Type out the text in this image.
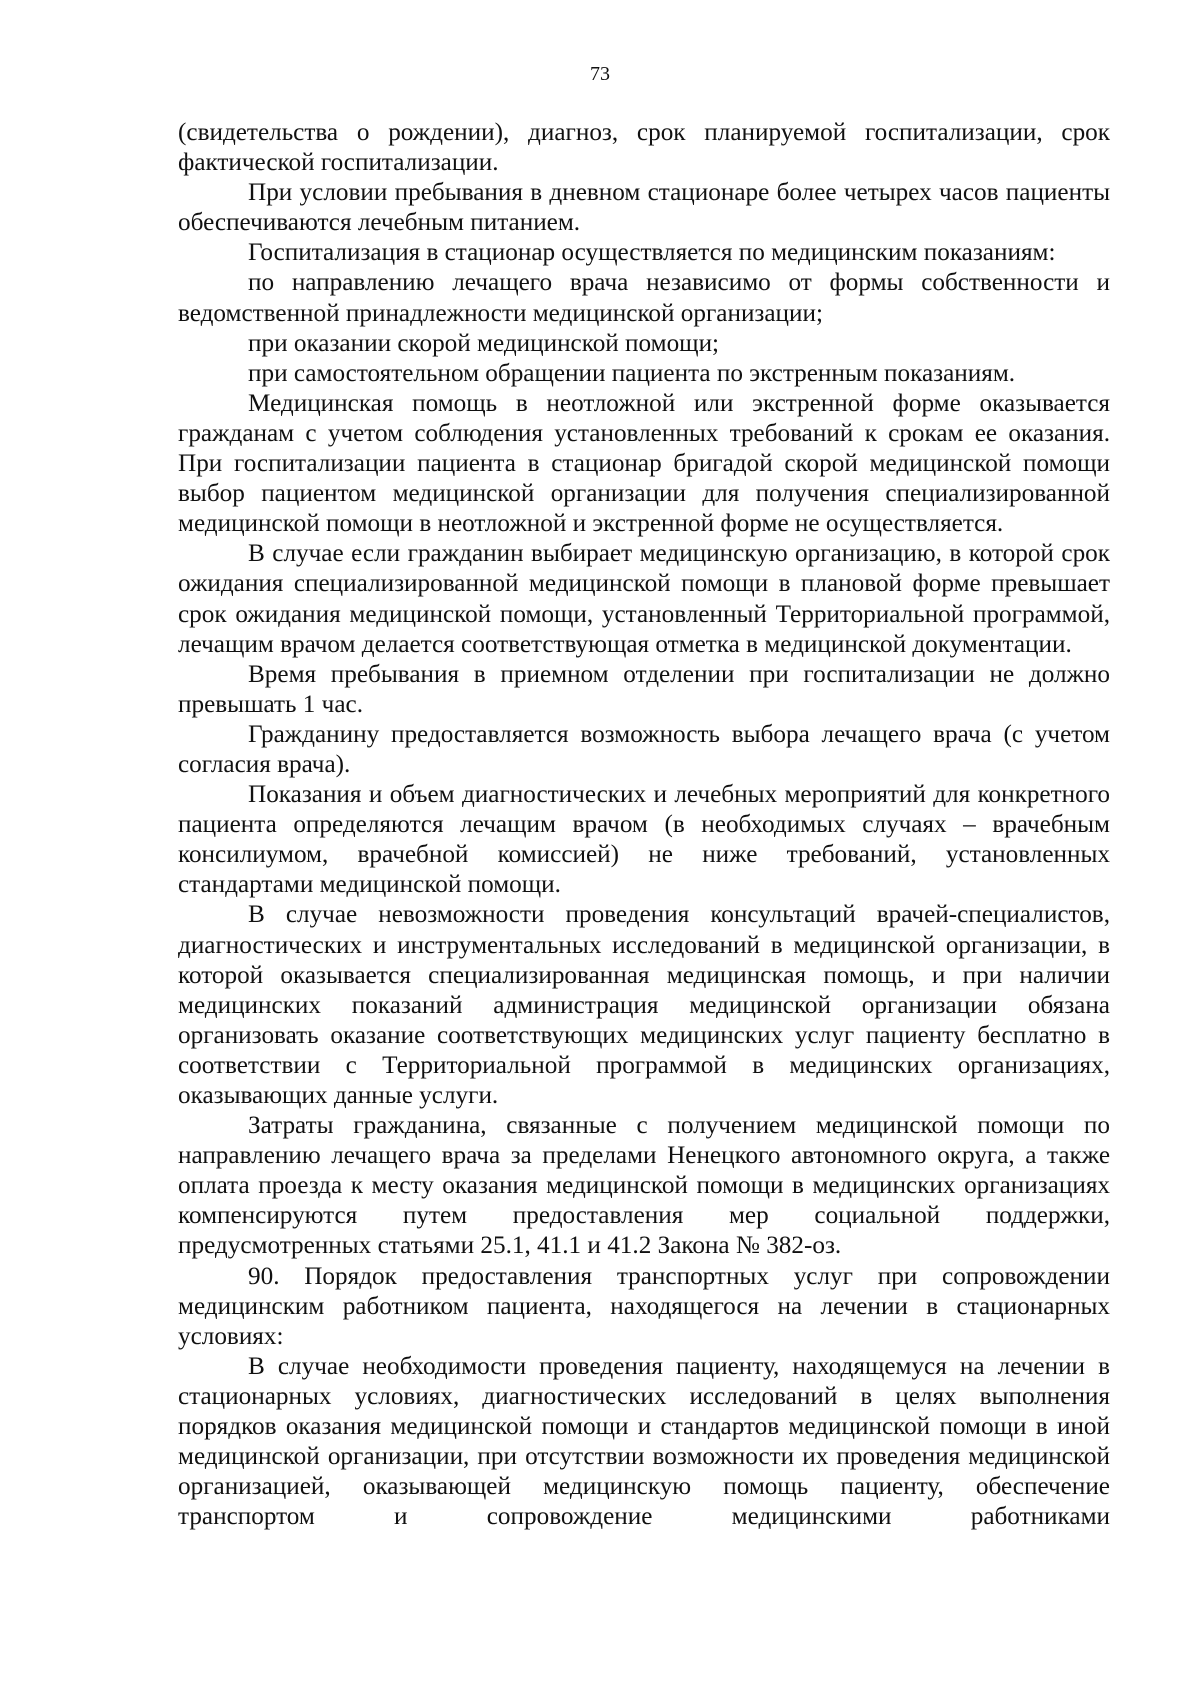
73

(свидетельства о рождении), диагноз, срок планируемой госпитализации, срок фактической госпитализации.

При условии пребывания в дневном стационаре более четырех часов пациенты обеспечиваются лечебным питанием.

Госпитализация в стационар осуществляется по медицинским показаниям:

по направлению лечащего врача независимо от формы собственности и ведомственной принадлежности медицинской организации;

при оказании скорой медицинской помощи;

при самостоятельном обращении пациента по экстренным показаниям.

Медицинская помощь в неотложной или экстренной форме оказывается гражданам с учетом соблюдения установленных требований к срокам ее оказания. При госпитализации пациента в стационар бригадой скорой медицинской помощи выбор пациентом медицинской организации для получения специализированной медицинской помощи в неотложной и экстренной форме не осуществляется.

В случае если гражданин выбирает медицинскую организацию, в которой срок ожидания специализированной медицинской помощи в плановой форме превышает срок ожидания медицинской помощи, установленный Территориальной программой, лечащим врачом делается соответствующая отметка в медицинской документации.

Время пребывания в приемном отделении при госпитализации не должно превышать 1 час.

Гражданину предоставляется возможность выбора лечащего врача (с учетом согласия врача).

Показания и объем диагностических и лечебных мероприятий для конкретного пациента определяются лечащим врачом (в необходимых случаях – врачебным консилиумом, врачебной комиссией) не ниже требований, установленных стандартами медицинской помощи.

В случае невозможности проведения консультаций врачей-специалистов, диагностических и инструментальных исследований в медицинской организации, в которой оказывается специализированная медицинская помощь, и при наличии медицинских показаний администрация медицинской организации обязана организовать оказание соответствующих медицинских услуг пациенту бесплатно в соответствии с Территориальной программой в медицинских организациях, оказывающих данные услуги.

Затраты гражданина, связанные с получением медицинской помощи по направлению лечащего врача за пределами Ненецкого автономного округа, а также оплата проезда к месту оказания медицинской помощи в медицинских организациях компенсируются путем предоставления мер социальной поддержки, предусмотренных статьями 25.1, 41.1 и 41.2 Закона № 382-оз.

90. Порядок предоставления транспортных услуг при сопровождении медицинским работником пациента, находящегося на лечении в стационарных условиях:

В случае необходимости проведения пациенту, находящемуся на лечении в стационарных условиях, диагностических исследований в целях выполнения порядков оказания медицинской помощи и стандартов медицинской помощи в иной медицинской организации, при отсутствии возможности их проведения медицинской организацией, оказывающей медицинскую помощь пациенту, обеспечение транспортом и сопровождение медицинскими работниками
